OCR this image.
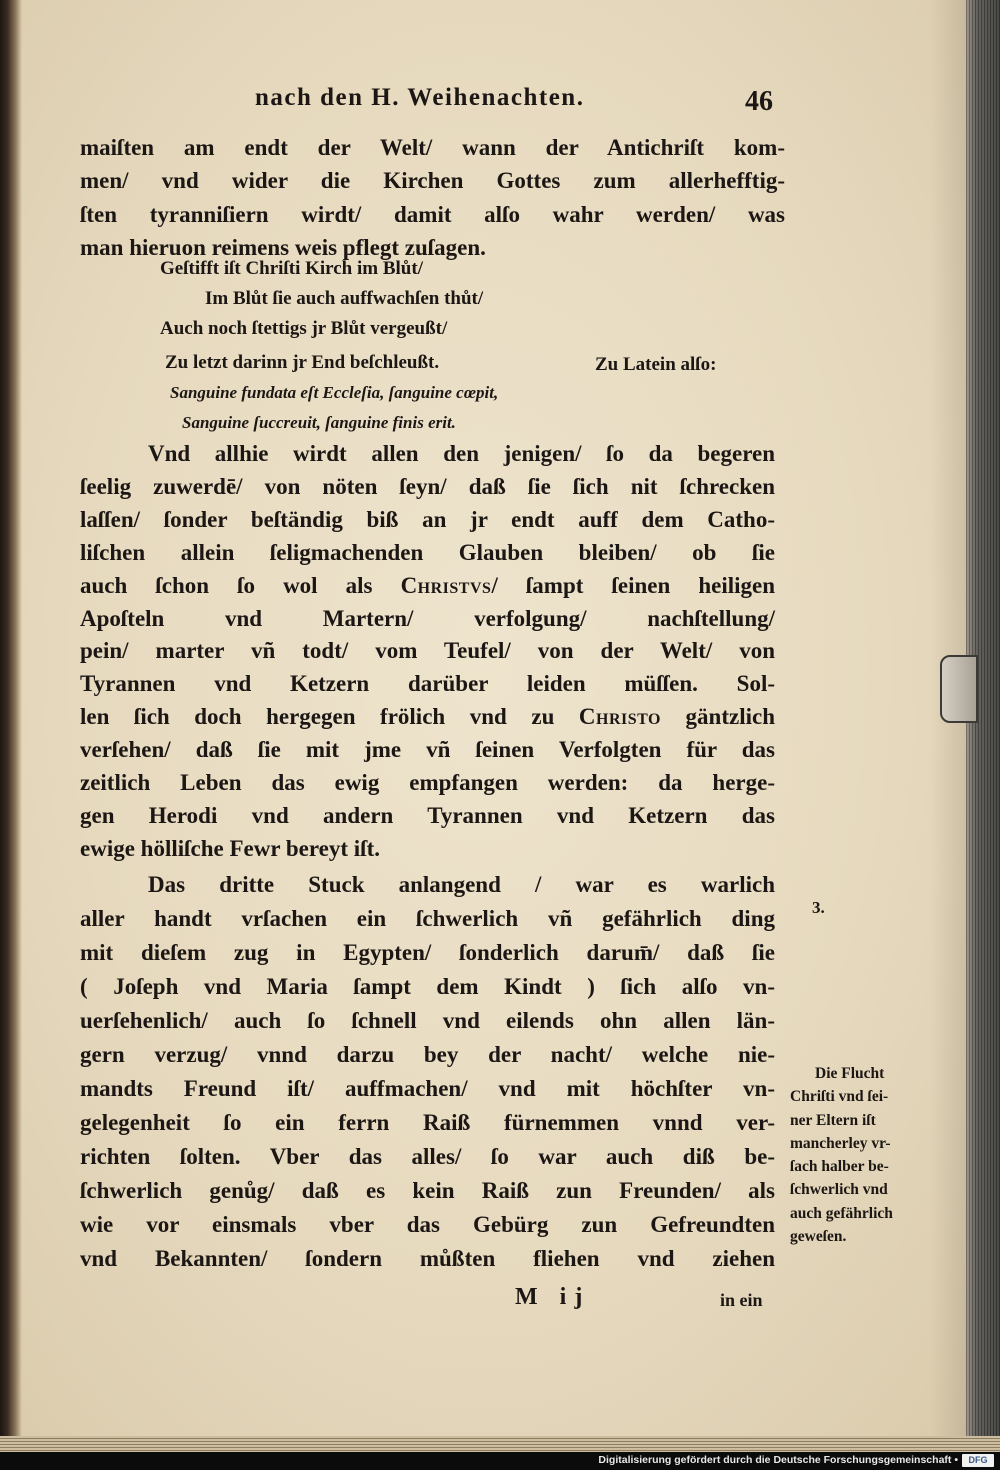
nach den H. Weihenachten.	46
maiſten am endt der Welt/ wann der Antichriſt kom-
men/ vnd wider die Kirchen Gottes zum allerhefftig-
ſten tyranniſiern wirdt/ damit alſo wahr werden/ was
man hieruon reimens weis pflegt zuſagen.
Geſtifft iſt Chriſti Kirch im Blůt/
Im Blůt ſie auch auffwachſen thůt/
Auch noch ſtettigs jr Blůt vergeußt/
Zu letzt darinn jr End beſchleußt.	Zu Latein alſo:
Sanguine fundata eſt Eccleſia, ſanguine cœpit,
Sanguine ſuccreuit, ſanguine finis erit.
Vnd allhie wirdt allen den jenigen/ ſo da begeren
ſeelig zuwerdē/ von nöten ſeyn/ daß ſie ſich nit ſchrecken
laſſen/ ſonder beſtändig biß an jr endt auff dem Catho-
liſchen allein ſeligmachenden Glauben bleiben/ ob ſie
auch ſchon ſo wol als Christvs/ ſampt ſeinen heiligen
Apoſteln vnd Martern/ verfolgung/ nachſtellung/
pein/ marter vñ todt/ vom Teufel/ von der Welt/ von
Tyrannen vnd Ketzern darüber leiden müſſen. Sol-
len ſich doch hergegen frölich vnd zu Christo gäntzlich
verſehen/ daß ſie mit jme vñ ſeinen Verfolgten für das
zeitlich Leben das ewig empfangen werden: da herge-
gen Herodi vnd andern Tyrannen vnd Ketzern das
ewige hölliſche Fewr bereyt iſt.
Das dritte Stuck anlangend / war es warlich
aller handt vrſachen ein ſchwerlich vñ gefährlich ding
mit dieſem zug in Egypten/ ſonderlich darum̄/ daß ſie
( Joſeph vnd Maria ſampt dem Kindt ) ſich alſo vn-
uerſehenlich/ auch ſo ſchnell vnd eilends ohn allen län-
gern verzug/ vnnd darzu bey der nacht/ welche nie-
mandts Freund iſt/ auffmachen/ vnd mit höchſter vn-
gelegenheit ſo ein ferrn Raiß fürnemmen vnnd ver-
richten ſolten. Vber das alles/ ſo war auch diß be-
ſchwerlich genůg/ daß es kein Raiß zun Freunden/ als
wie vor einsmals vber das Gebürg zun Gefreundten
vnd Bekannten/ ſondern můßten fliehen vnd ziehen
M ij	in ein
3.
Die Flucht
Chriſti vnd ſei-
ner Eltern iſt
mancherley vr-
ſach halber be-
ſchwerlich vnd
auch gefährlich
geweſen.
Digitalisierung gefördert durch die Deutsche Forschungsgemeinschaft •	DFG
